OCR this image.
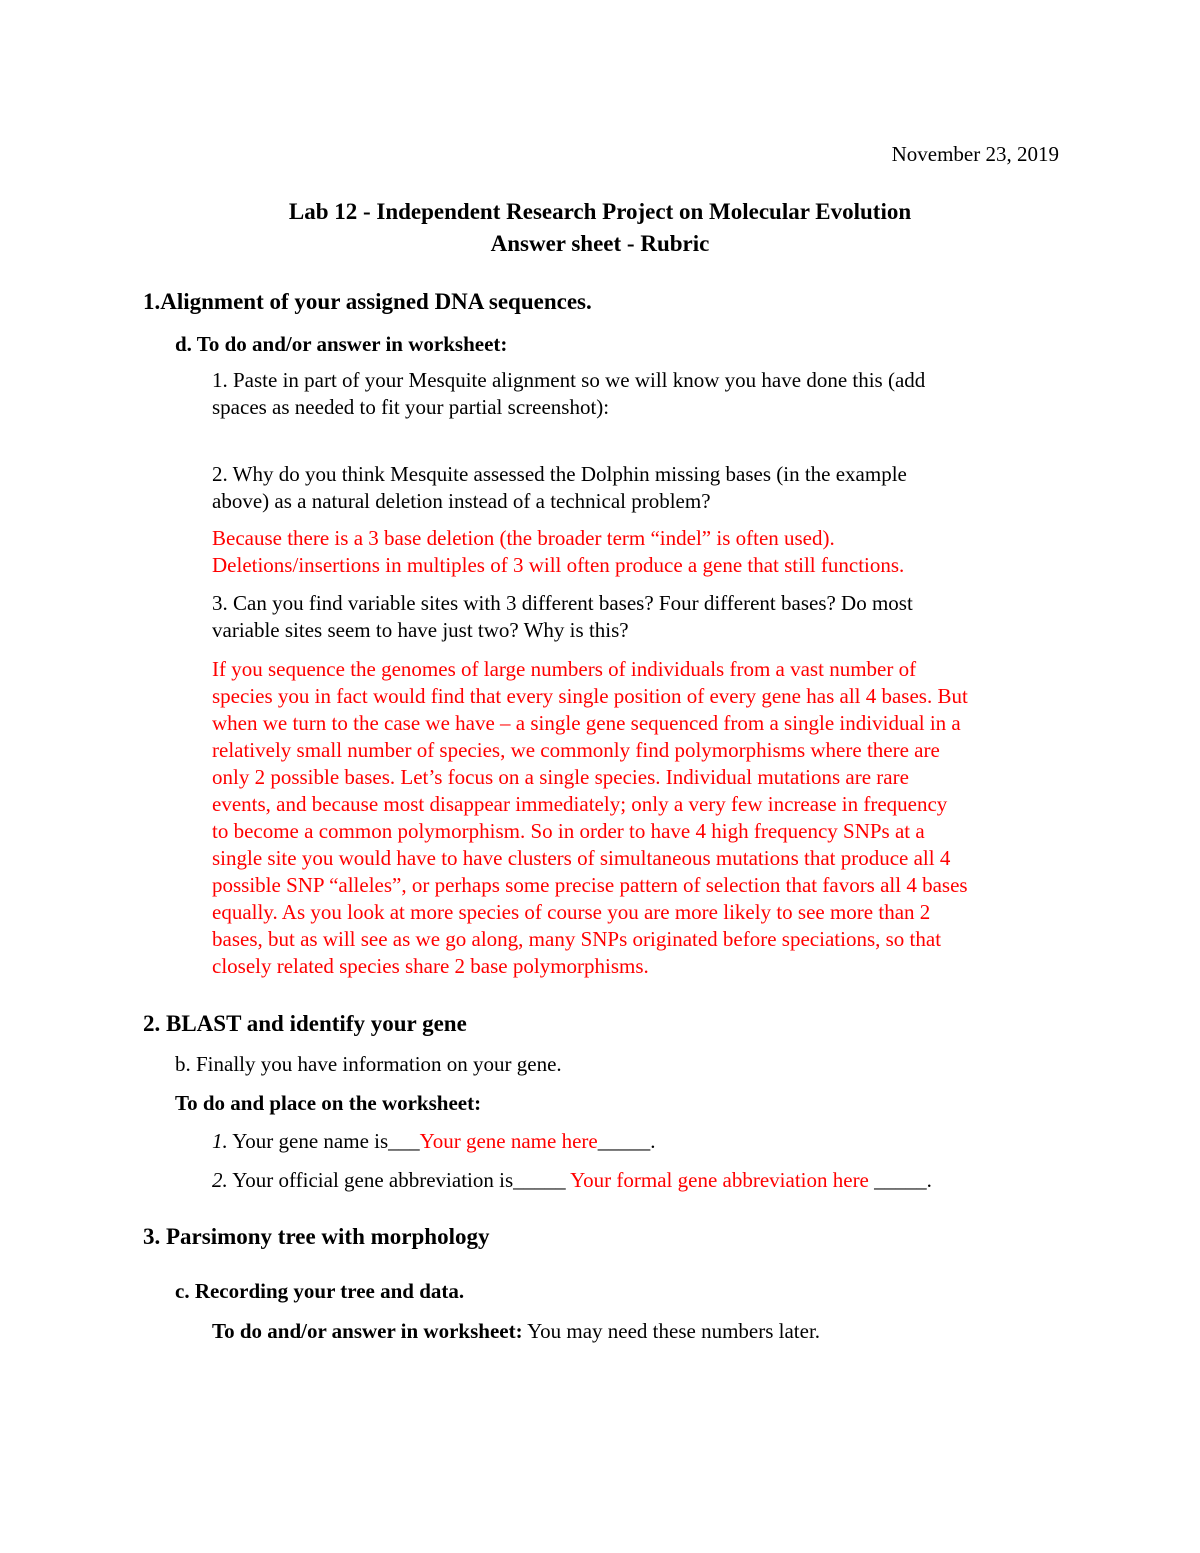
November 23, 2019
Lab 12 - Independent Research Project on Molecular Evolution
Answer sheet - Rubric
1.Alignment of your assigned DNA sequences.
d. To do and/or answer in worksheet:
1. Paste in part of your Mesquite alignment so we will know you have done this (add
spaces as needed to fit your partial screenshot):
2. Why do you think Mesquite assessed the Dolphin missing bases (in the example
above) as a natural deletion instead of a technical problem?
Because there is a 3 base deletion (the broader term “indel” is often used).
Deletions/insertions in multiples of 3 will often produce a gene that still functions.
3. Can you find variable sites with 3 different bases? Four different bases? Do most
variable sites seem to have just two? Why is this?
If you sequence the genomes of large numbers of individuals from a vast number of
species you in fact would find that every single position of every gene has all 4 bases. But
when we turn to the case we have – a single gene sequenced from a single individual in a
relatively small number of species, we commonly find polymorphisms where there are
only 2 possible bases. Let’s focus on a single species. Individual mutations are rare
events, and because most disappear immediately; only a very few increase in frequency
to become a common polymorphism. So in order to have 4 high frequency SNPs at a
single site you would have to have clusters of simultaneous mutations that produce all 4
possible SNP “alleles”, or perhaps some precise pattern of selection that favors all 4 bases
equally. As you look at more species of course you are more likely to see more than 2
bases, but as will see as we go along, many SNPs originated before speciations, so that
closely related species share 2 base polymorphisms.
2. BLAST and identify your gene
b. Finally you have information on your gene.
To do and place on the worksheet:
1. Your gene name is___Your gene name here_____.
2. Your official gene abbreviation is_____ Your formal gene abbreviation here _____.
3. Parsimony tree with morphology
c. Recording your tree and data.
To do and/or answer in worksheet: You may need these numbers later.
